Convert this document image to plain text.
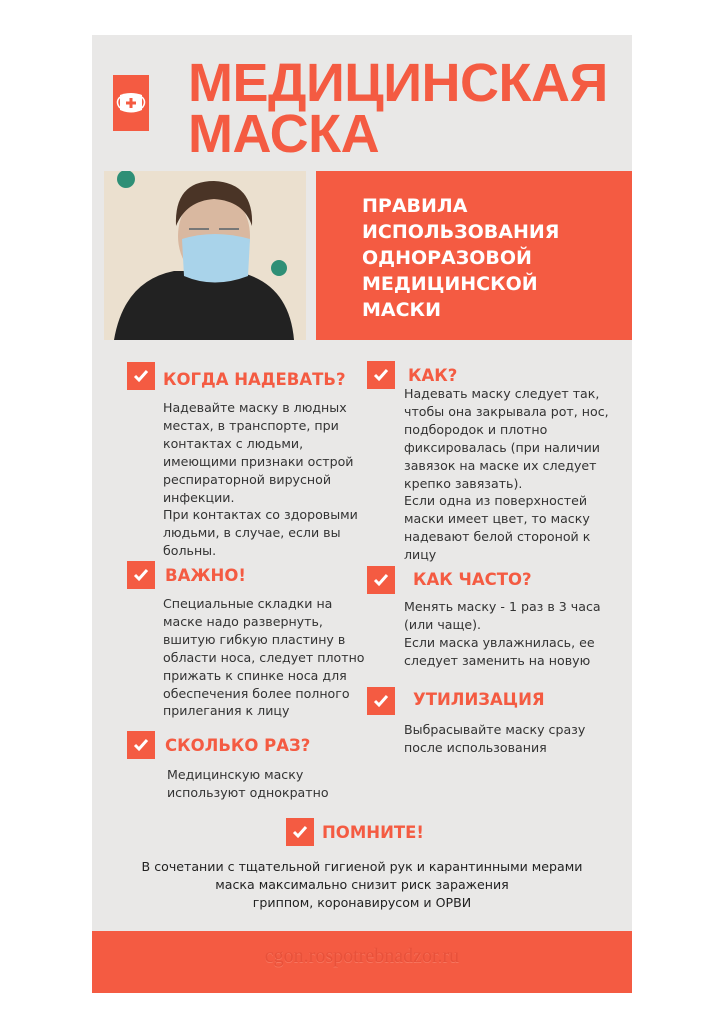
МЕДИЦИНСКАЯ
МАСКА
ПРАВИЛА
ИСПОЛЬЗОВАНИЯ
ОДНОРАЗОВОЙ
МЕДИЦИНСКОЙ
МАСКИ
КОГДА НАДЕВАТЬ?
Надевайте маску в людных
местах, в транспорте, при
контактах с людьми,
имеющими признаки острой
респираторной вирусной
инфекции.
При контактах со здоровыми
людьми, в случае, если вы
больны.
ВАЖНО!
Специальные складки на
маске надо развернуть,
вшитую гибкую пластину в
области носа, следует плотно
прижать к спинке носа для
обеспечения более полного
прилегания к лицу
СКОЛЬКО РАЗ?
Медицинскую маску
используют однократно
КАК?
Надевать маску следует так,
чтобы она закрывала рот, нос,
подбородок и плотно
фиксировалась (при наличии
завязок на маске их следует
крепко завязать).
Если одна из поверхностей
маски имеет цвет, то маску
надевают белой стороной к
лицу
КАК ЧАСТО?
Менять маску - 1 раз в 3 часа
(или чаще).
Если маска увлажнилась, ее
следует заменить на новую
УТИЛИЗАЦИЯ
Выбрасывайте маску сразу
после использования
ПОМНИТЕ!
В сочетании с тщательной гигиеной рук и карантинными мерами
маска максимально снизит риск заражения
гриппом, коронавирусом и ОРВИ
cgon.rospotrebnadzor.ru
